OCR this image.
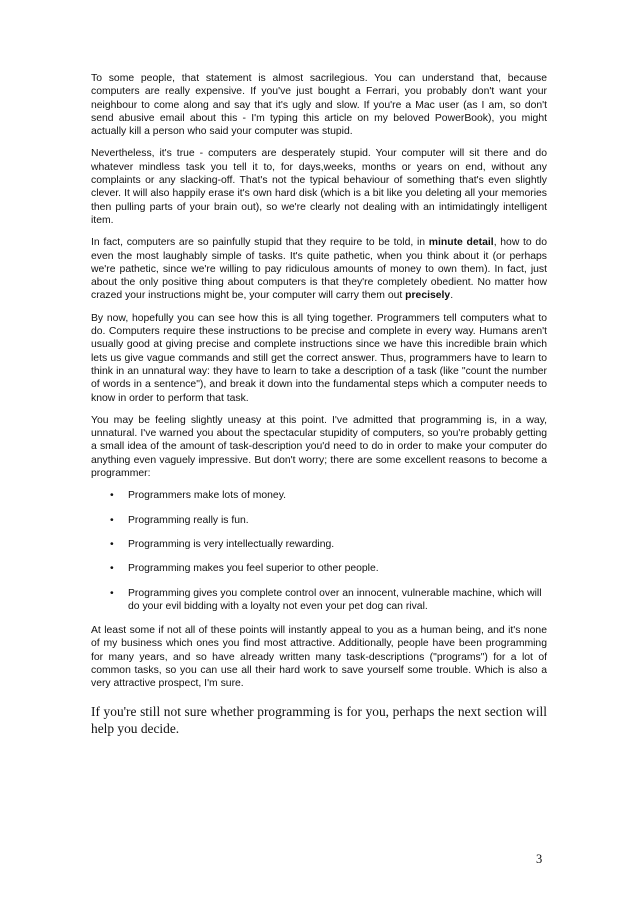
To some people, that statement is almost sacrilegious. You can understand that, because computers are really expensive. If you've just bought a Ferrari, you probably don't want your neighbour to come along and say that it's ugly and slow. If you're a Mac user (as I am, so don't send abusive email about this - I'm typing this article on my beloved PowerBook), you might actually kill a person who said your computer was stupid.

Nevertheless, it's true - computers are desperately stupid. Your computer will sit there and do whatever mindless task you tell it to, for days,weeks, months or years on end, without any complaints or any slacking-off. That's not the typical behaviour of something that's even slightly clever. It will also happily erase it's own hard disk (which is a bit like you deleting all your memories then pulling parts of your brain out), so we're clearly not dealing with an intimidatingly intelligent item.

In fact, computers are so painfully stupid that they require to be told, in minute detail, how to do even the most laughably simple of tasks. It's quite pathetic, when you think about it (or perhaps we're pathetic, since we're willing to pay ridiculous amounts of money to own them). In fact, just about the only positive thing about computers is that they're completely obedient. No matter how crazed your instructions might be, your computer will carry them out precisely.

By now, hopefully you can see how this is all tying together. Programmers tell computers what to do. Computers require these instructions to be precise and complete in every way. Humans aren't usually good at giving precise and complete instructions since we have this incredible brain which lets us give vague commands and still get the correct answer. Thus, programmers have to learn to think in an unnatural way: they have to learn to take a description of a task (like "count the number of words in a sentence"), and break it down into the fundamental steps which a computer needs to know in order to perform that task.

You may be feeling slightly uneasy at this point. I've admitted that programming is, in a way, unnatural. I've warned you about the spectacular stupidity of computers, so you're probably getting a small idea of the amount of task-description you'd need to do in order to make your computer do anything even vaguely impressive. But don't worry; there are some excellent reasons to become a programmer:

• Programmers make lots of money.
• Programming really is fun.
• Programming is very intellectually rewarding.
• Programming makes you feel superior to other people.
• Programming gives you complete control over an innocent, vulnerable machine, which will do your evil bidding with a loyalty not even your pet dog can rival.

At least some if not all of these points will instantly appeal to you as a human being, and it's none of my business which ones you find most attractive. Additionally, people have been programming for many years, and so have already written many task-descriptions ("programs") for a lot of common tasks, so you can use all their hard work to save yourself some trouble. Which is also a very attractive prospect, I'm sure.

If you're still not sure whether programming is for you, perhaps the next section will help you decide.

3
